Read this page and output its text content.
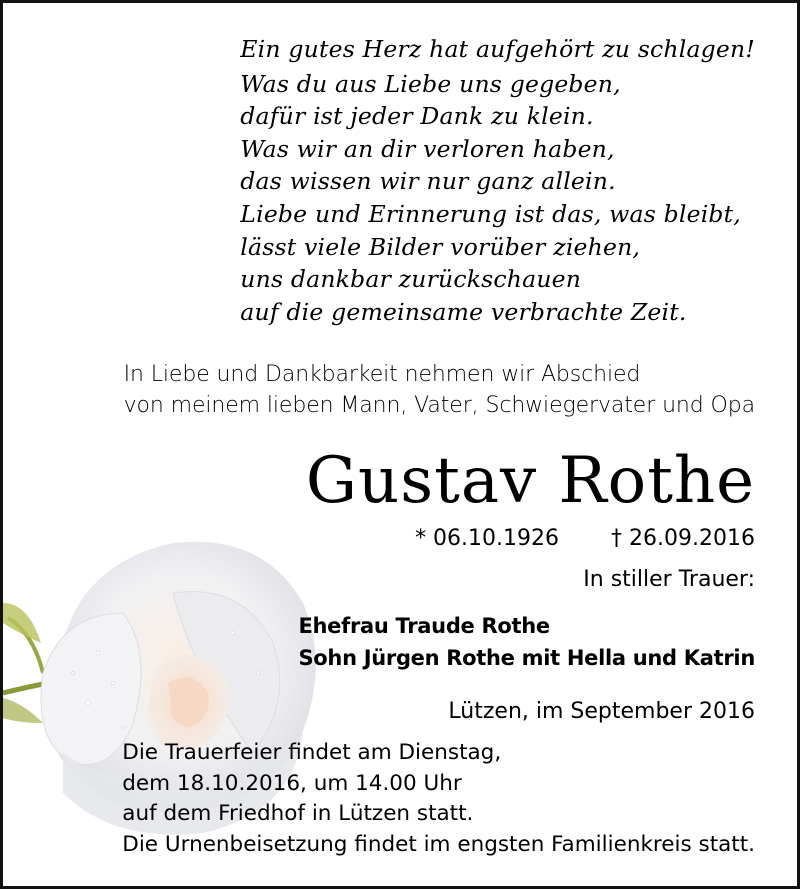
Ein gutes Herz hat aufgehört zu schlagen!
Was du aus Liebe uns gegeben,
dafür ist jeder Dank zu klein.
Was wir an dir verloren haben,
das wissen wir nur ganz allein.
Liebe und Erinnerung ist das, was bleibt,
lässt viele Bilder vorüber ziehen,
uns dankbar zurückschauen
auf die gemeinsame verbrachte Zeit.
In Liebe und Dankbarkeit nehmen wir Abschied
von meinem lieben Mann, Vater, Schwiegervater und Opa
Gustav Rothe
* 06.10.1926 † 26.09.2016
In stiller Trauer:
Ehefrau Traude Rothe
Sohn Jürgen Rothe mit Hella und Katrin
Lützen, im September 2016
Die Trauerfeier findet am Dienstag,
dem 18.10.2016, um 14.00 Uhr
auf dem Friedhof in Lützen statt.
Die Urnenbeisetzung findet im engsten Familienkreis statt.
